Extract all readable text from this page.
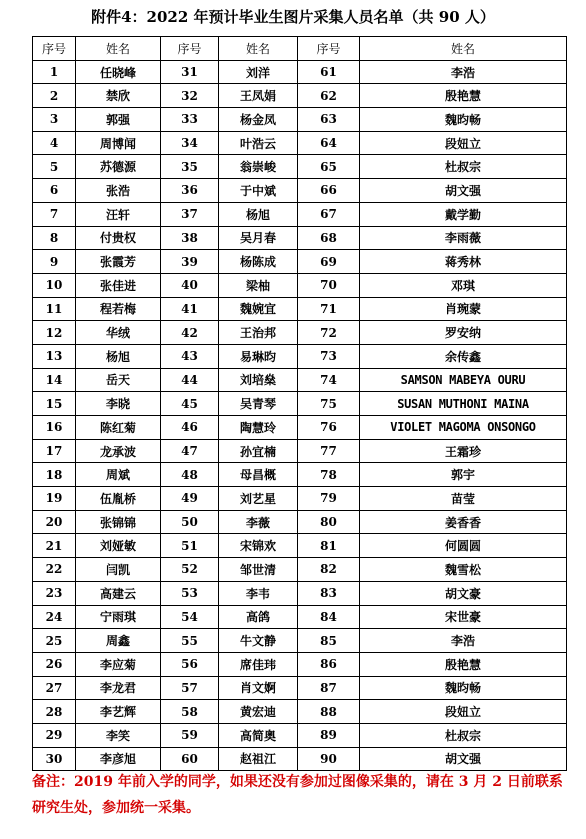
附件4：2022 年预计毕业生图片采集人员名单（共 90 人）
序号	姓名	序号	姓名	序号	姓名
1	任晓峰	31	刘洋	61	李浩
2	禁欣	32	王凤娟	62	殷艳慧
3	郭强	33	杨金凤	63	魏昀畅
4	周博闻	34	叶浩云	64	段妞立
5	苏德源	35	翁崇峻	65	杜叔宗
6	张浩	36	于中斌	66	胡文强
7	汪轩	37	杨旭	67	戴学勤
8	付贵权	38	吴月春	68	李雨薇
9	张霞芳	39	杨陈成	69	蒋秀林
10	张佳进	40	梁柚	70	邓琪
11	程若梅	41	魏婉宜	71	肖琬蒙
12	华绒	42	王治邦	72	罗安纳
13	杨旭	43	易琳昀	73	余传鑫
14	岳天	44	刘培燊	74	SAMSON MABEYA OURU
15	李晓	45	吴青琴	75	SUSAN MUTHONI MAINA
16	陈红菊	46	陶慧玲	76	VIOLET MAGOMA ONSONGO
17	龙承波	47	孙宜楠	77	王霜珍
18	周斌	48	母昌概	78	郭宇
19	伍胤桥	49	刘艺星	79	苗莹
20	张锦锦	50	李薇	80	姜香香
21	刘娅敏	51	宋锦欢	81	何圆圆
22	闫凯	52	邹世清	82	魏雪松
23	高建云	53	李韦	83	胡文豪
24	宁雨琪	54	高鸽	84	宋世豪
25	周鑫	55	牛文静	85	李浩
26	李应菊	56	席佳玮	86	殷艳慧
27	李龙君	57	肖文婀	87	魏昀畅
28	李艺辉	58	黄宏迪	88	段妞立
29	李笑	59	高简奥	89	杜叔宗
30	李彦旭	60	赵祖江	90	胡文强
备注：2019 年前入学的同学，如果还没有参加过图像采集的，请在 3 月 2 日前联系研究生处，参加统一采集。
